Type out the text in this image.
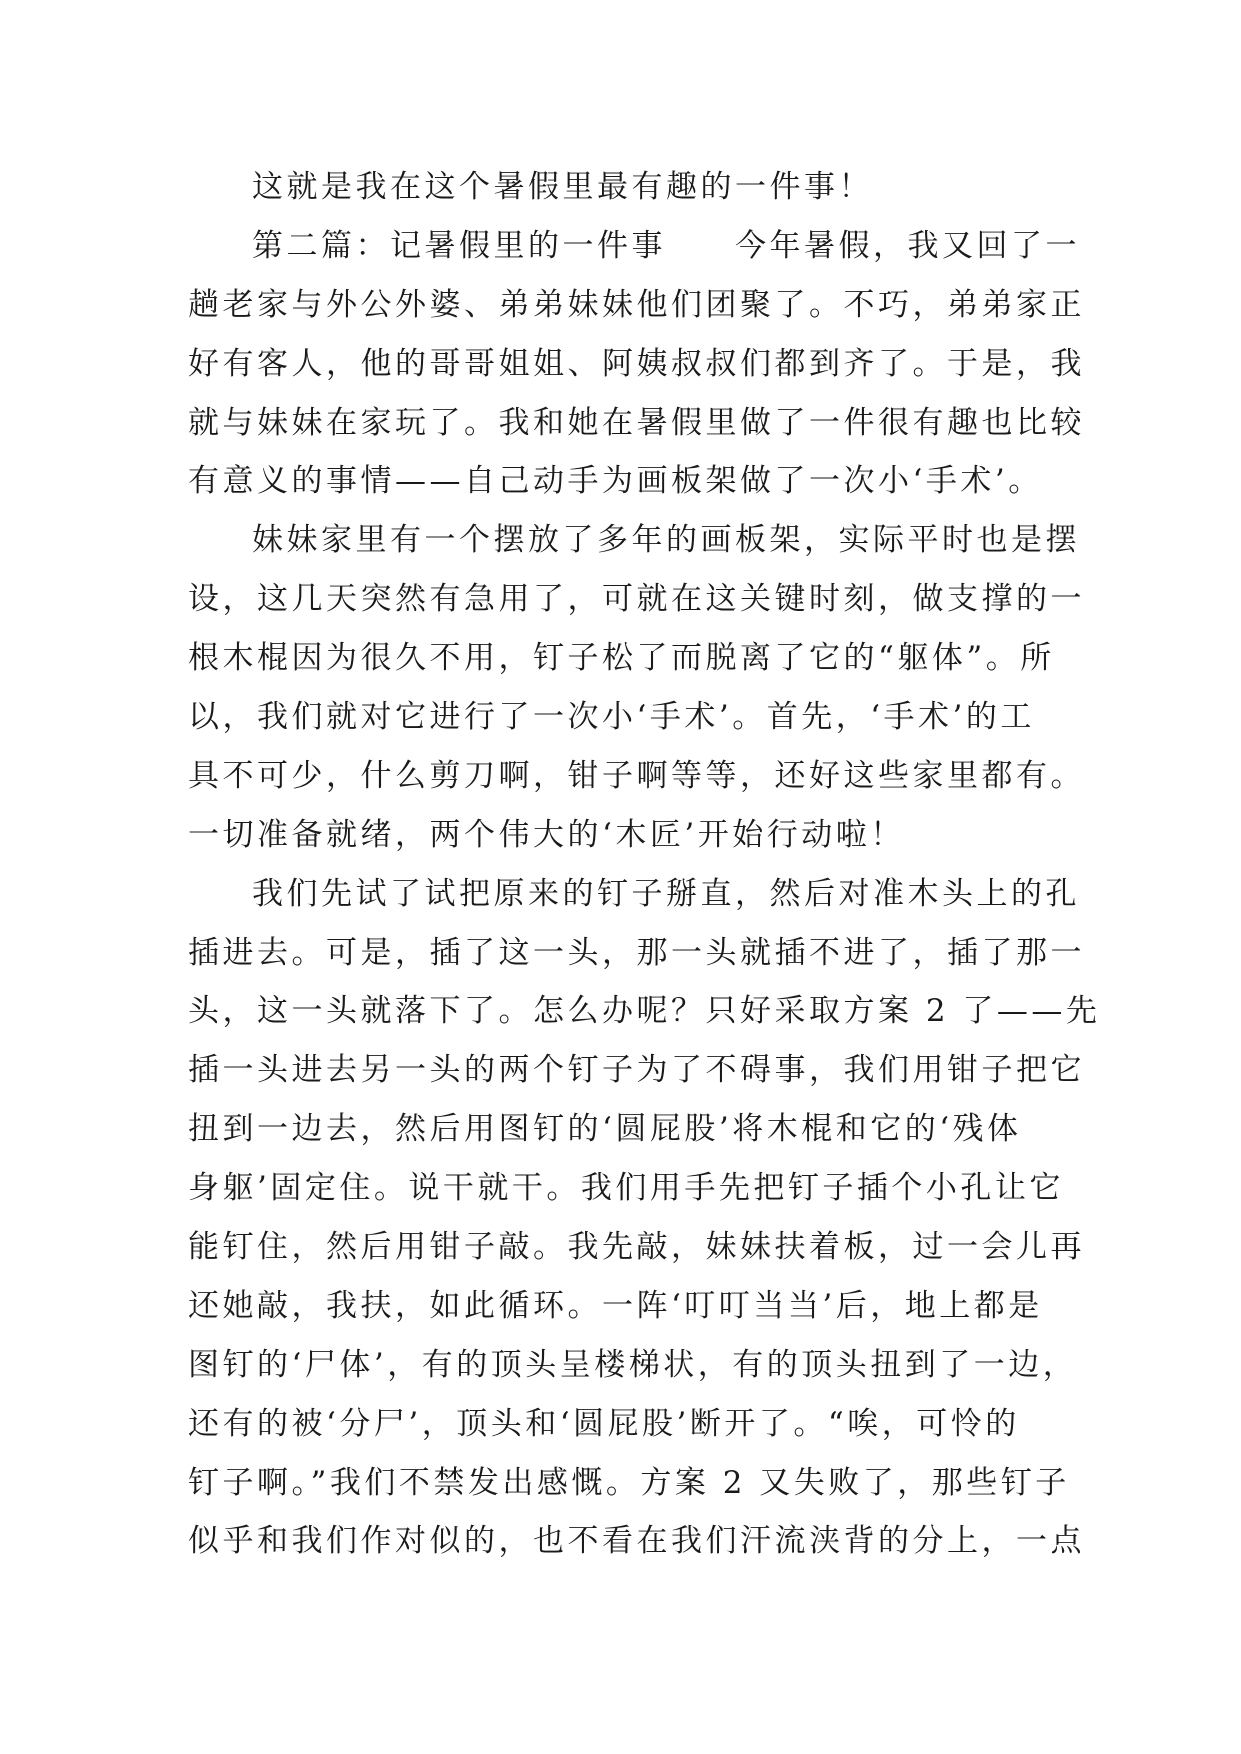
这就是我在这个暑假里最有趣的一件事！
第二篇：记暑假里的一件事　　今年暑假，我又回了一
趟老家与外公外婆、弟弟妹妹他们团聚了。不巧，弟弟家正
好有客人，他的哥哥姐姐、阿姨叔叔们都到齐了。于是，我
就与妹妹在家玩了。我和她在暑假里做了一件很有趣也比较
有意义的事情——自己动手为画板架做了一次小‘手术’。
妹妹家里有一个摆放了多年的画板架，实际平时也是摆
设，这几天突然有急用了，可就在这关键时刻，做支撑的一
根木棍因为很久不用，钉子松了而脱离了它的“躯体”。所
以，我们就对它进行了一次小‘手术’。首先，‘手术’的工
具不可少，什么剪刀啊，钳子啊等等，还好这些家里都有。
一切准备就绪，两个伟大的‘木匠’开始行动啦！
我们先试了试把原来的钉子掰直，然后对准木头上的孔
插进去。可是，插了这一头，那一头就插不进了，插了那一
头，这一头就落下了。怎么办呢？只好采取方案 2 了——先
插一头进去另一头的两个钉子为了不碍事，我们用钳子把它
扭到一边去，然后用图钉的‘圆屁股’将木棍和它的‘残体
身躯’固定住。说干就干。我们用手先把钉子插个小孔让它
能钉住，然后用钳子敲。我先敲，妹妹扶着板，过一会儿再
还她敲，我扶，如此循环。一阵‘叮叮当当’后，地上都是
图钉的‘尸体’，有的顶头呈楼梯状，有的顶头扭到了一边，
还有的被‘分尸’，顶头和‘圆屁股’断开了。“唉，可怜的
钉子啊。”我们不禁发出感慨。方案 2 又失败了，那些钉子
似乎和我们作对似的，也不看在我们汗流浃背的分上，一点
